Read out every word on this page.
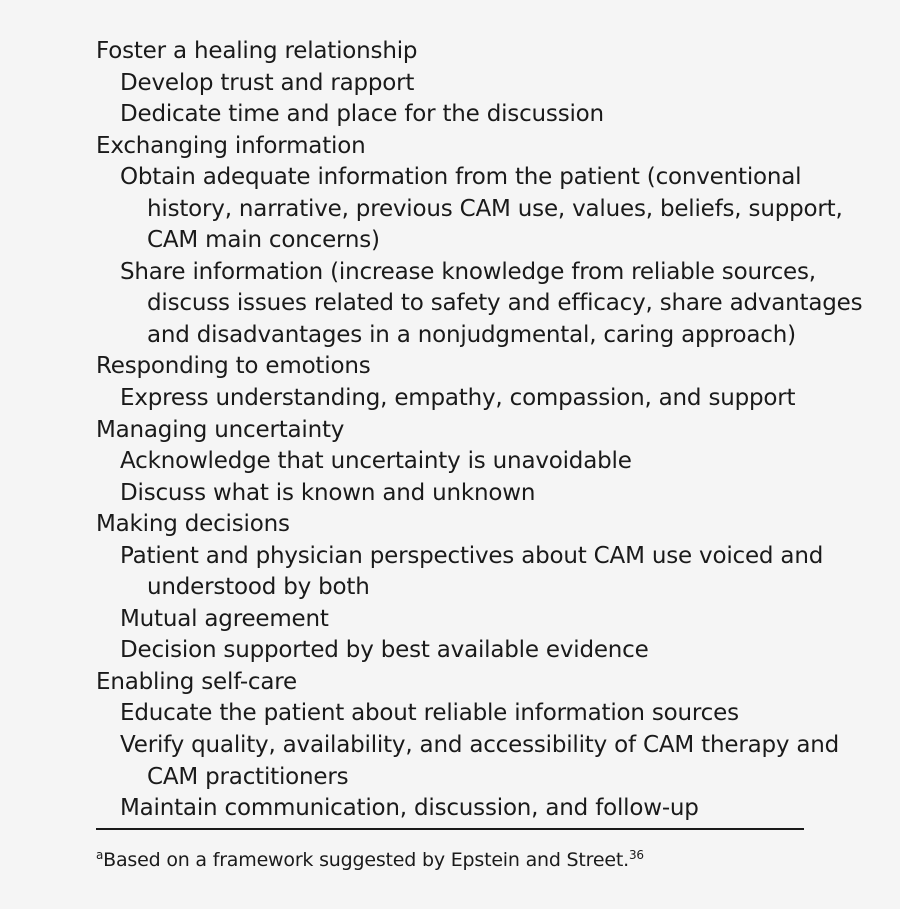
Foster a healing relationship
Develop trust and rapport
Dedicate time and place for the discussion
Exchanging information
Obtain adequate information from the patient (conventional
history, narrative, previous CAM use, values, beliefs, support,
CAM main concerns)
Share information (increase knowledge from reliable sources,
discuss issues related to safety and efficacy, share advantages
and disadvantages in a nonjudgmental, caring approach)
Responding to emotions
Express understanding, empathy, compassion, and support
Managing uncertainty
Acknowledge that uncertainty is unavoidable
Discuss what is known and unknown
Making decisions
Patient and physician perspectives about CAM use voiced and
understood by both
Mutual agreement
Decision supported by best available evidence
Enabling self-care
Educate the patient about reliable information sources
Verify quality, availability, and accessibility of CAM therapy and
CAM practitioners
Maintain communication, discussion, and follow-up
$^a$Based on a framework suggested by Epstein and Street.$^{36}$
